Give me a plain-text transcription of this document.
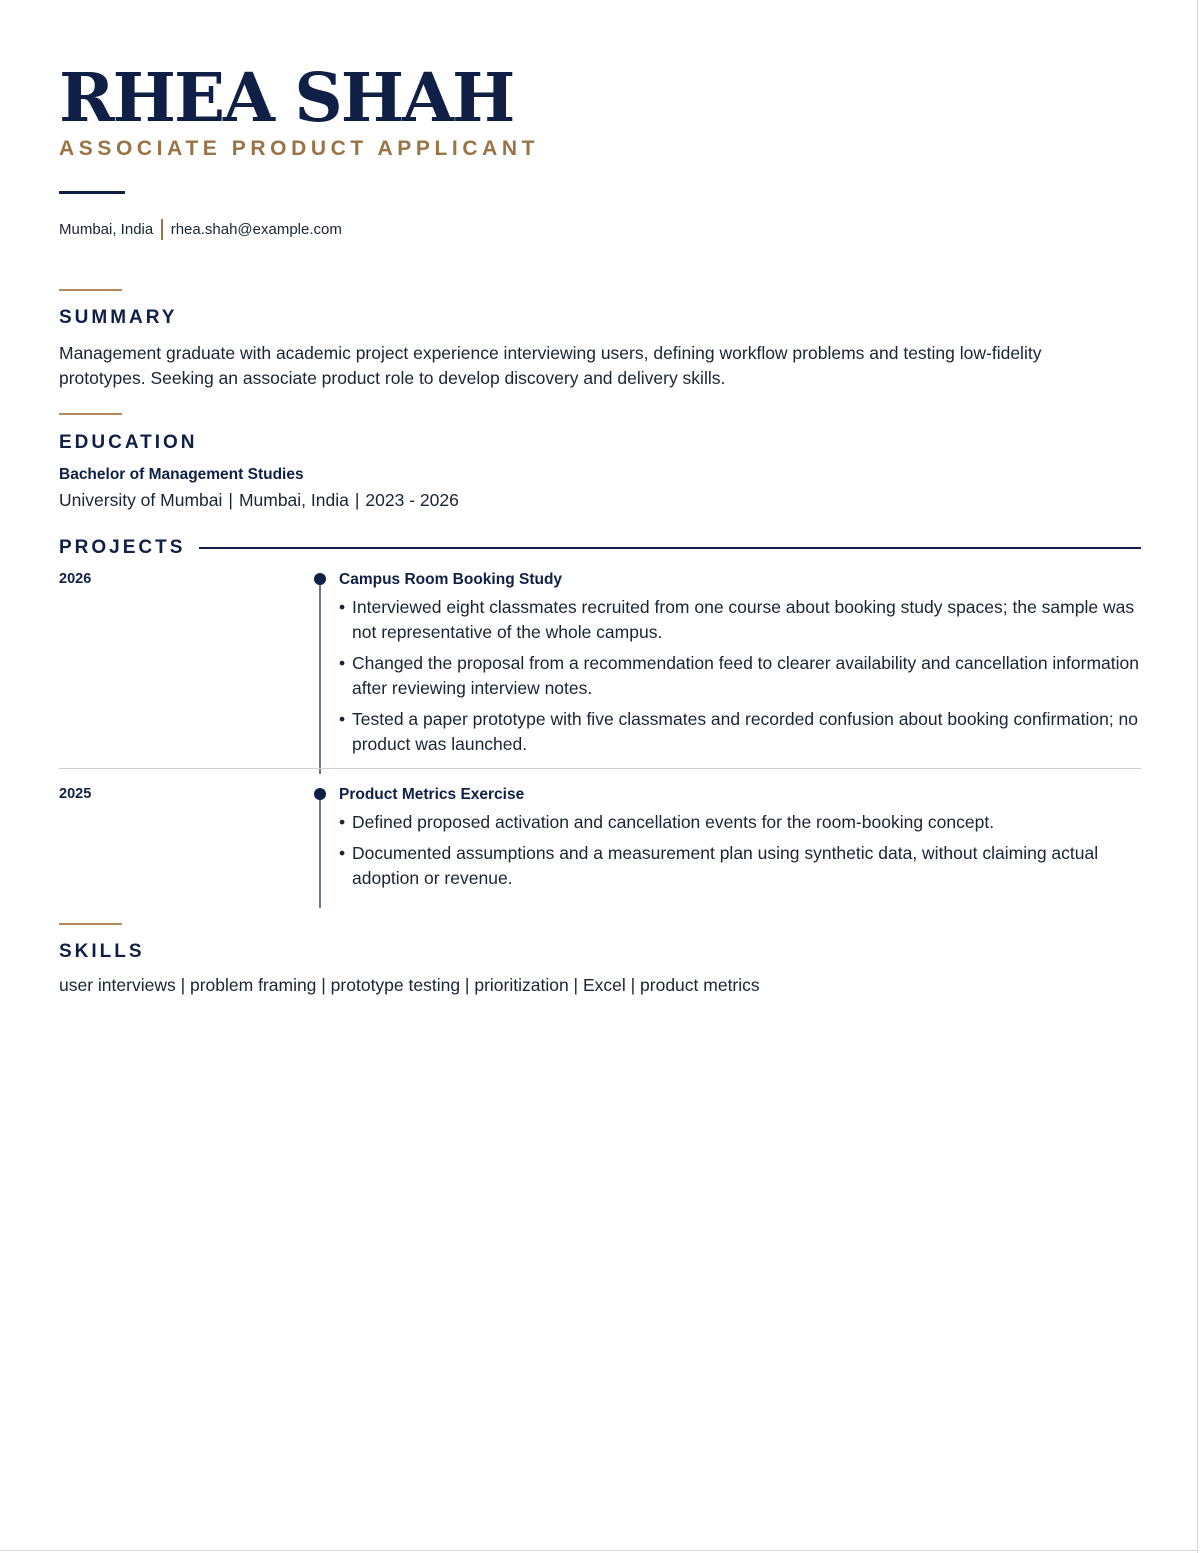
RHEA SHAH
ASSOCIATE PRODUCT APPLICANT
Mumbai, India rhea.shah@example.com
SUMMARY

Management graduate with academic project experience interviewing users, defining workflow problems and testing low-fidelity prototypes. Seeking an associate product role to develop discovery and delivery skills.

EDUCATION
Bachelor of Management Studies
University of Mumbai | Mumbai, India | 2023 - 2026
PROJECTS
2026	Campus Room Booking Study
• Interviewed eight classmates recruited from one course about booking study spaces; the sample was not representative of the whole campus.
• Changed the proposal from a recommendation feed to clearer availability and cancellation information after reviewing interview notes.
• Tested a paper prototype with five classmates and recorded confusion about booking confirmation; no product was launched.
2025	Product Metrics Exercise
• Defined proposed activation and cancellation events for the room-booking concept.
• Documented assumptions and a measurement plan using synthetic data, without claiming actual adoption or revenue.
SKILLS
user interviews | problem framing | prototype testing | prioritization | Excel | product metrics
